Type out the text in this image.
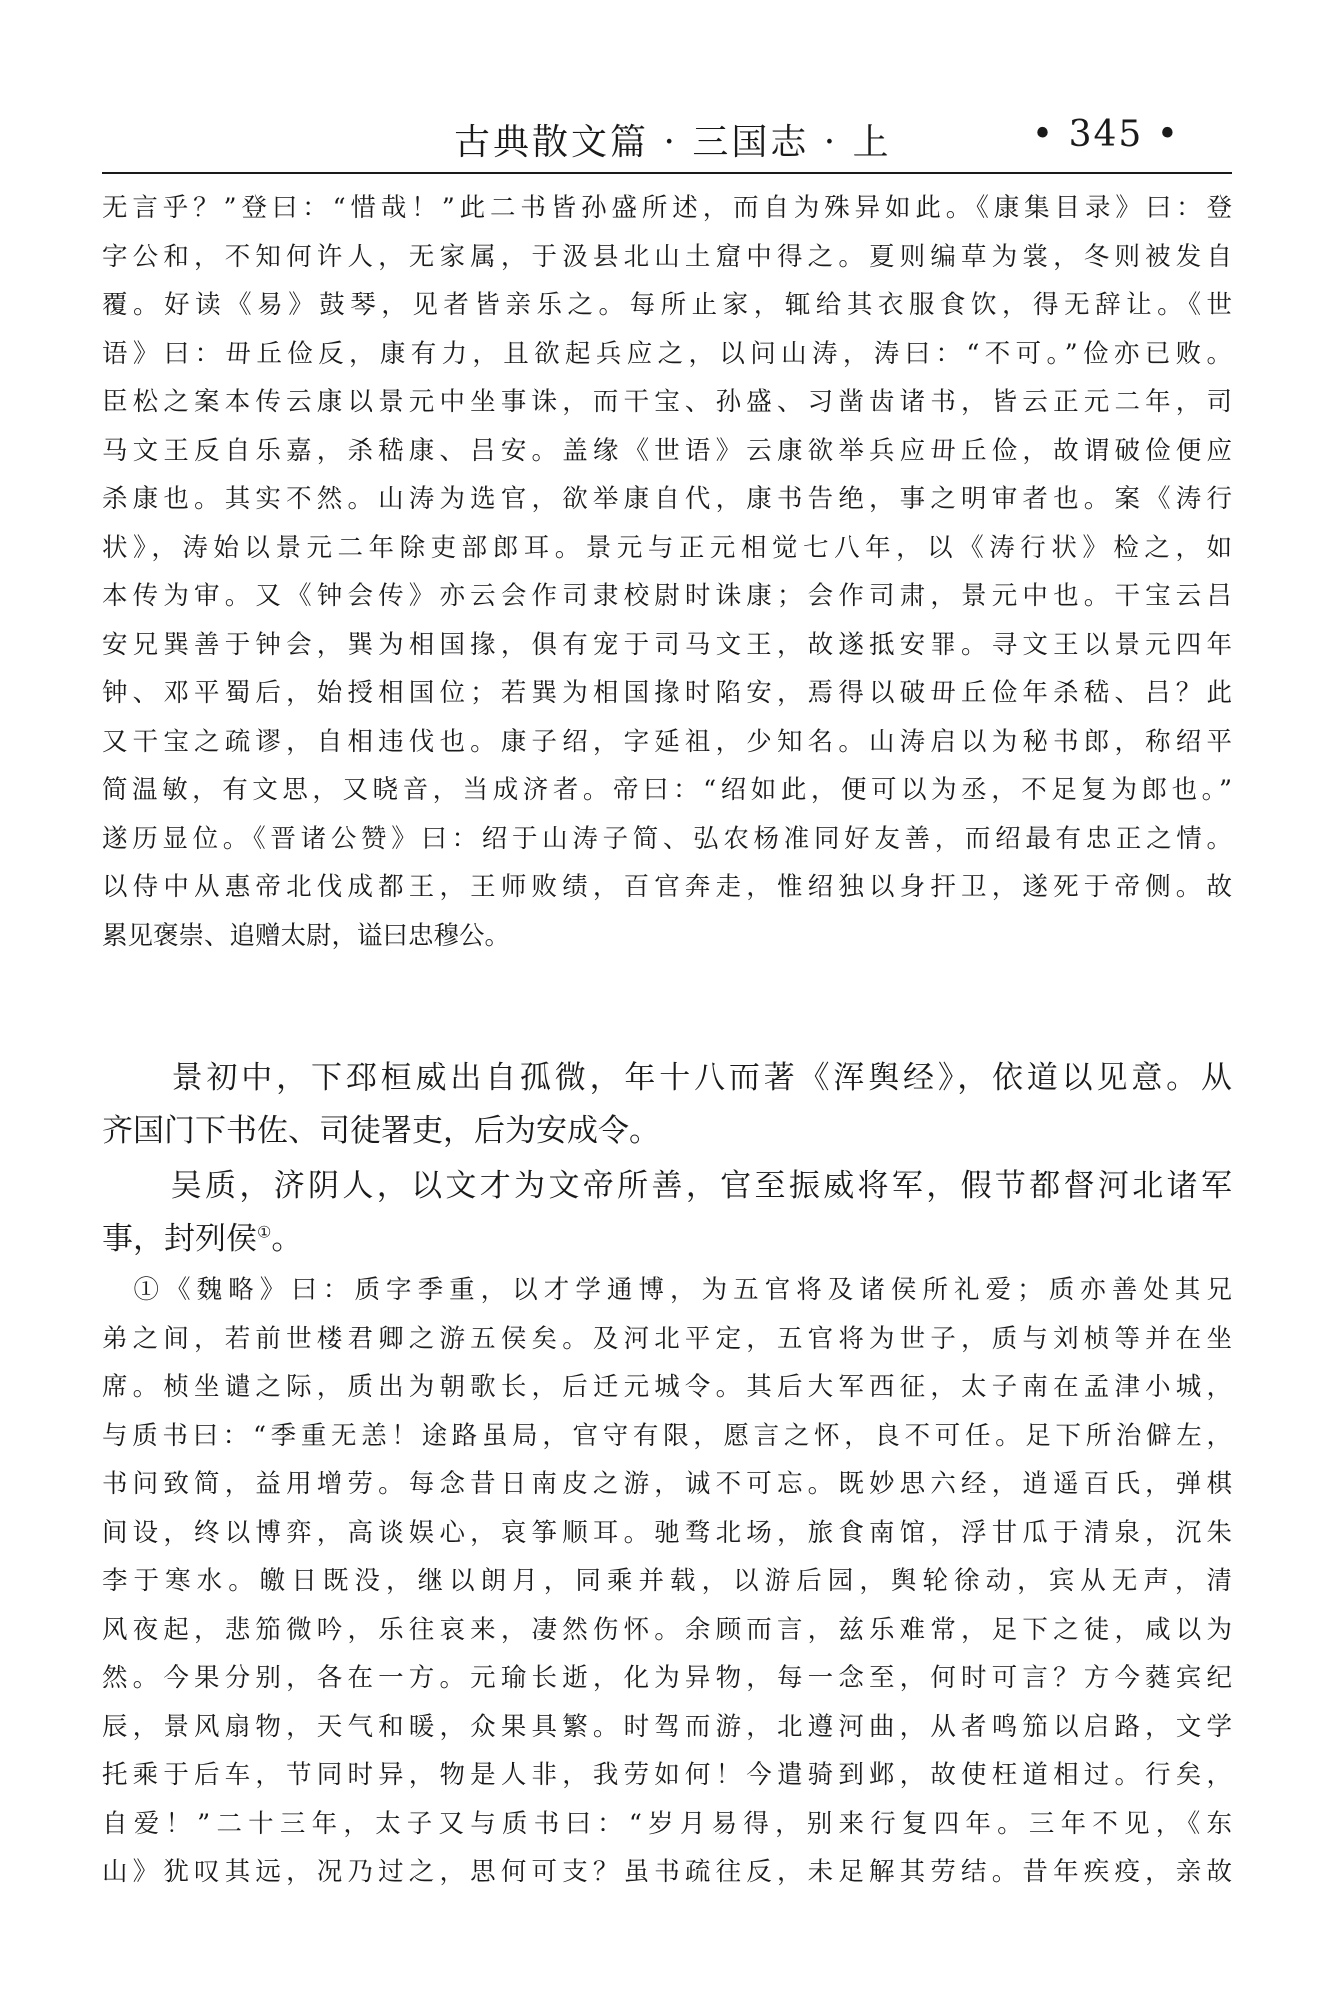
古典散文篇 · 三国志 · 上	• 345 •
无言乎？”登曰：“惜哉！”此二书皆孙盛所述，而自为殊异如此。《康集目录》曰：登
字公和，不知何许人，无家属，于汲县北山土窟中得之。夏则编草为裳，冬则被发自
覆。好读《易》鼓琴，见者皆亲乐之。每所止家，辄给其衣服食饮，得无辞让。《世
语》曰：毌丘俭反，康有力，且欲起兵应之，以问山涛，涛曰：“不可。”俭亦已败。
臣松之案本传云康以景元中坐事诛，而干宝、孙盛、习凿齿诸书，皆云正元二年，司
马文王反自乐嘉，杀嵇康、吕安。盖缘《世语》云康欲举兵应毌丘俭，故谓破俭便应
杀康也。其实不然。山涛为选官，欲举康自代，康书告绝，事之明审者也。案《涛行
状》，涛始以景元二年除吏部郎耳。景元与正元相觉七八年，以《涛行状》检之，如
本传为审。又《钟会传》亦云会作司隶校尉时诛康；会作司肃，景元中也。干宝云吕
安兄巽善于钟会，巽为相国掾，俱有宠于司马文王，故遂抵安罪。寻文王以景元四年
钟、邓平蜀后，始授相国位；若巽为相国掾时陷安，焉得以破毌丘俭年杀嵇、吕？此
又干宝之疏谬，自相违伐也。康子绍，字延祖，少知名。山涛启以为秘书郎，称绍平
简温敏，有文思，又晓音，当成济者。帝曰：“绍如此，便可以为丞，不足复为郎也。”
遂历显位。《晋诸公赞》曰：绍于山涛子简、弘农杨准同好友善，而绍最有忠正之情。
以侍中从惠帝北伐成都王，王师败绩，百官奔走，惟绍独以身扞卫，遂死于帝侧。故
累见褒崇、追赠太尉，谥曰忠穆公。
　　景初中，下邳桓威出自孤微，年十八而著《浑舆经》，依道以见意。从
齐国门下书佐、司徒署吏，后为安成令。
　　吴质，济阴人，以文才为文帝所善，官至振威将军，假节都督河北诸军
事，封列侯①。
　①《魏略》曰：质字季重，以才学通博，为五官将及诸侯所礼爱；质亦善处其兄
弟之间，若前世楼君卿之游五侯矣。及河北平定，五官将为世子，质与刘桢等并在坐
席。桢坐谴之际，质出为朝歌长，后迁元城令。其后大军西征，太子南在孟津小城，
与质书曰：“季重无恙！途路虽局，官守有限，愿言之怀，良不可任。足下所治僻左，
书问致简，益用增劳。每念昔日南皮之游，诚不可忘。既妙思六经，逍遥百氏，弹棋
间设，终以博弈，高谈娱心，哀筝顺耳。驰骛北场，旅食南馆，浮甘瓜于清泉，沉朱
李于寒水。皦日既没，继以朗月，同乘并载，以游后园，舆轮徐动，宾从无声，清
风夜起，悲笳微吟，乐往哀来，凄然伤怀。余顾而言，兹乐难常，足下之徒，咸以为
然。今果分别，各在一方。元瑜长逝，化为异物，每一念至，何时可言？方今蕤宾纪
辰，景风扇物，天气和暖，众果具繁。时驾而游，北遵河曲，从者鸣笳以启路，文学
托乘于后车，节同时异，物是人非，我劳如何！今遣骑到邺，故使枉道相过。行矣，
自爱！”二十三年，太子又与质书曰：“岁月易得，别来行复四年。三年不见，《东
山》犹叹其远，况乃过之，思何可支？虽书疏往反，未足解其劳结。昔年疾疫，亲故
